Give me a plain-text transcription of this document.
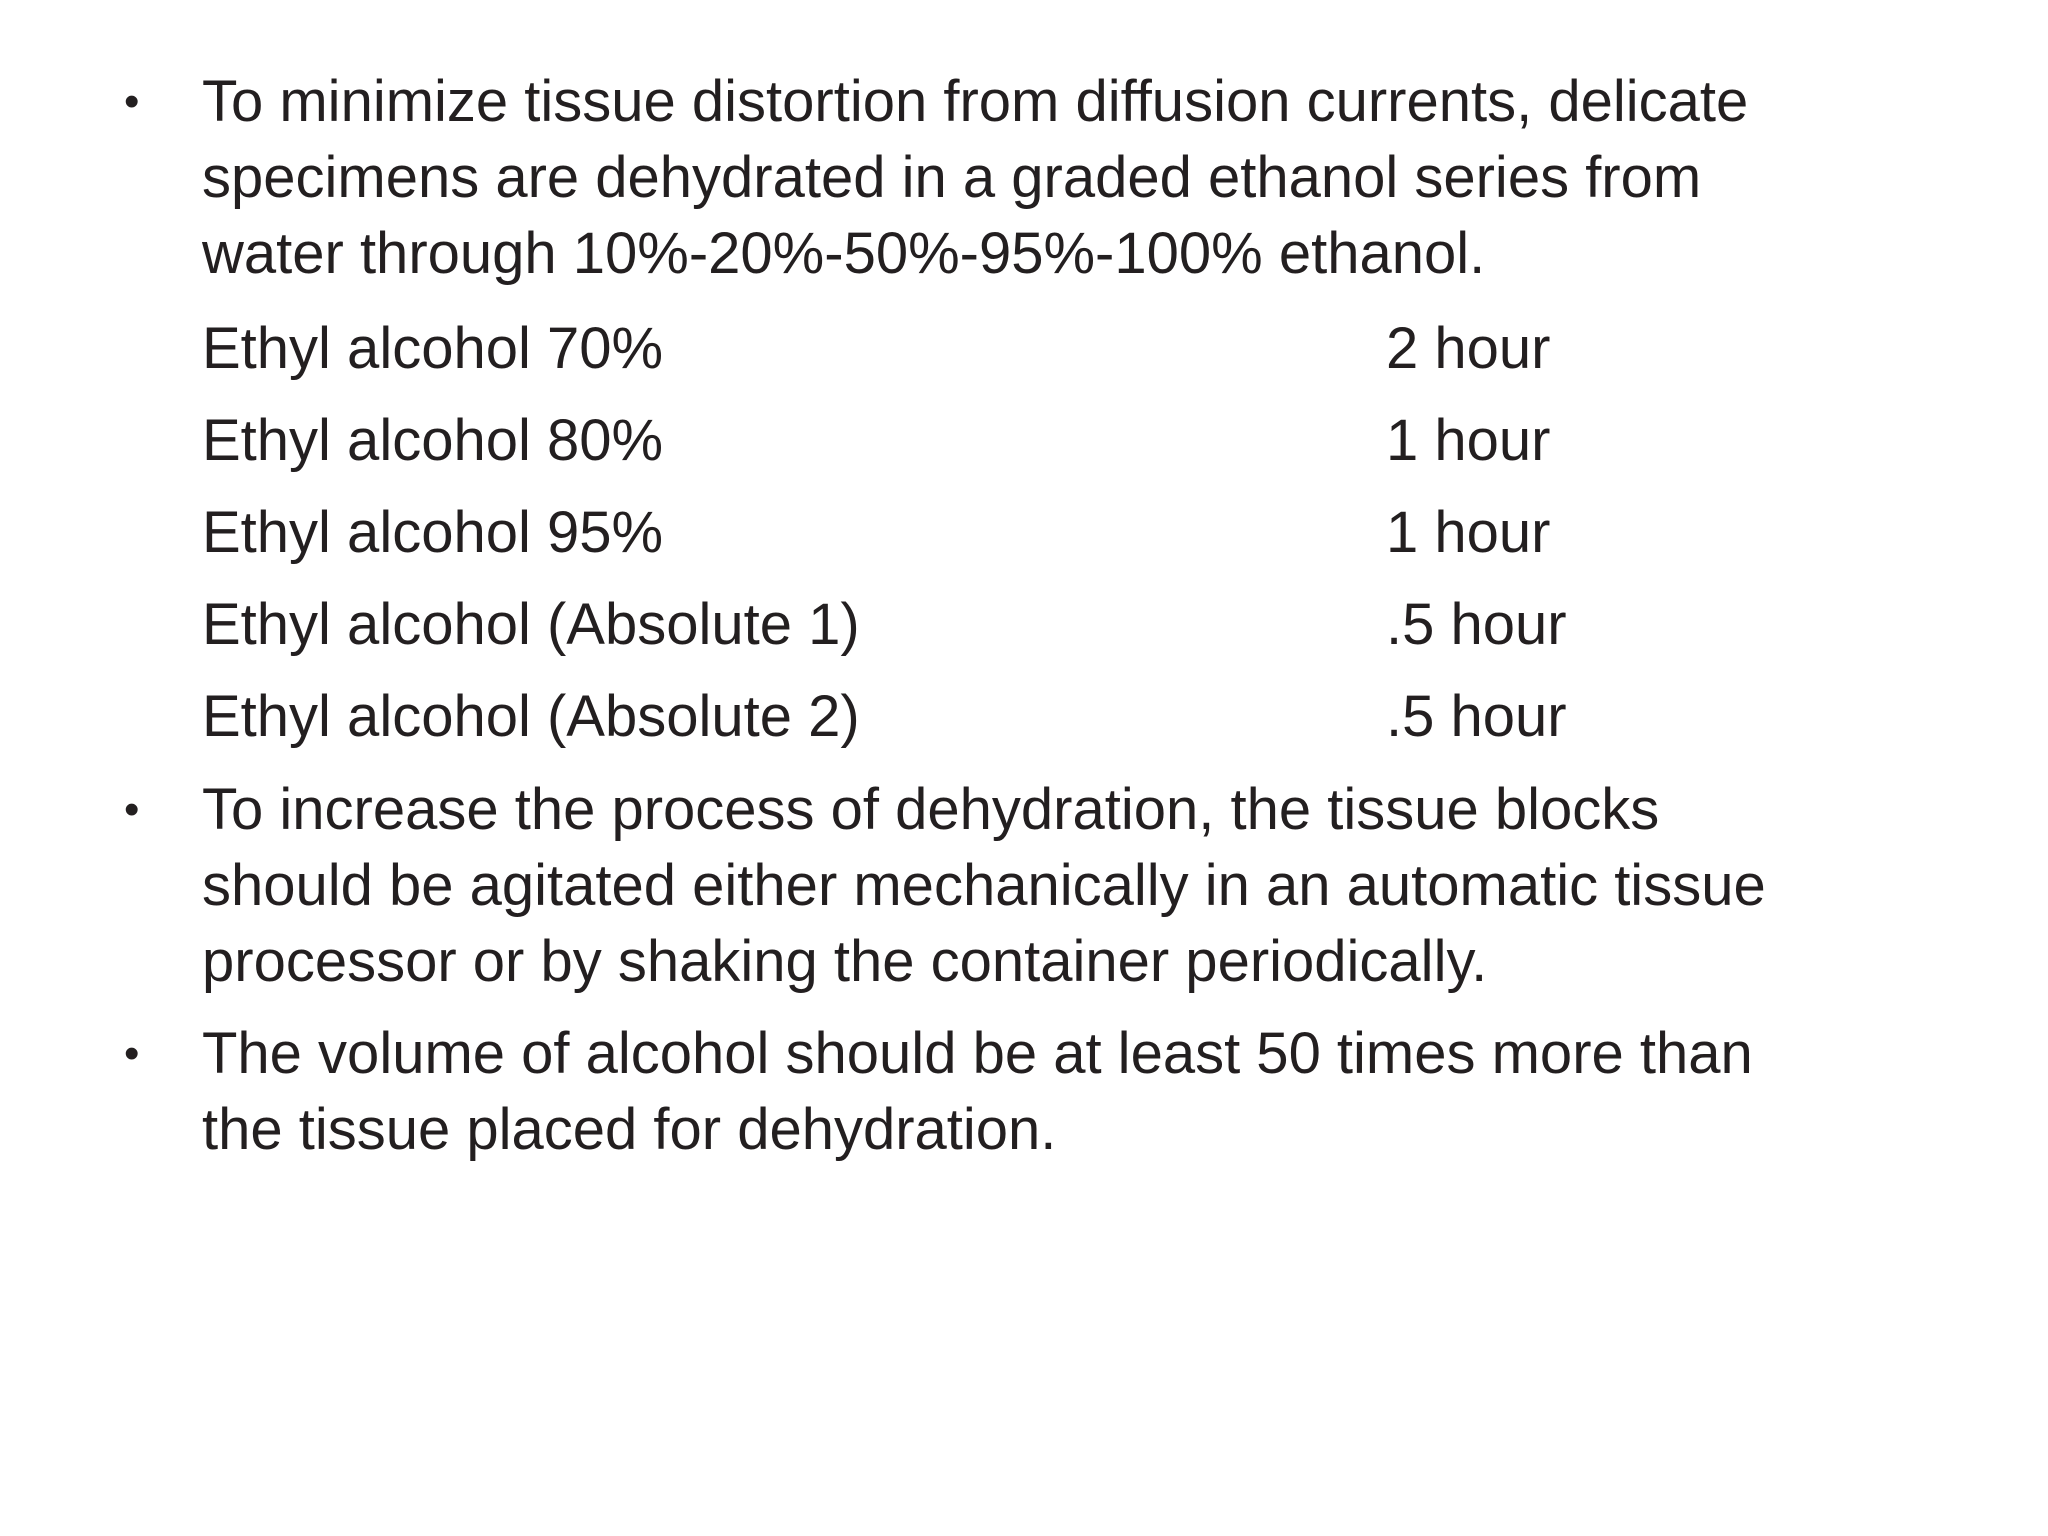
• To minimize tissue distortion from diffusion currents, delicate
specimens are dehydrated in a graded ethanol series from
water through 10%-20%-50%-95%-100% ethanol.
Ethyl alcohol 70%	2 hour
Ethyl alcohol 80%	1 hour
Ethyl alcohol 95%	1 hour
Ethyl alcohol (Absolute 1)	.5 hour
Ethyl alcohol (Absolute 2)	.5 hour
• To increase the process of dehydration, the tissue blocks
should be agitated either mechanically in an automatic tissue
processor or by shaking the container periodically.
• The volume of alcohol should be at least 50 times more than
the tissue placed for dehydration.
